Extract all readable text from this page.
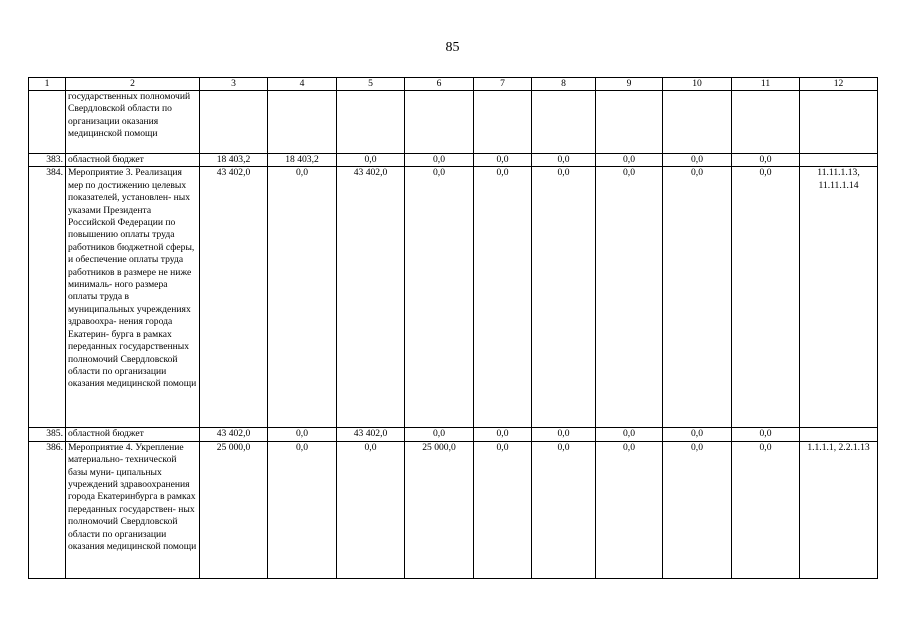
85
1	2	3	4	5	6	7	8	9	10	11	12
	государственных полномочий Свердловской области по организации оказания медицинской помощи										
383.	областной бюджет	18 403,2	18 403,2	0,0	0,0	0,0	0,0	0,0	0,0	0,0	
384.	Мероприятие 3. Реализация мер по достижению целевых показателей, установлен- ных указами Президента Российской Федерации по повышению оплаты труда работников бюджетной сферы, и обеспечение оплаты труда работников в размере не ниже минималь- ного размера оплаты труда в муниципальных учреждениях здравоохра- нения города Екатерин- бурга в рамках переданных государственных полномочий Свердловской области по организации оказания медицинской помощи	43 402,0	0,0	43 402,0	0,0	0,0	0,0	0,0	0,0	0,0	11.11.1.13, 11.11.1.14
385.	областной бюджет	43 402,0	0,0	43 402,0	0,0	0,0	0,0	0,0	0,0	0,0	
386.	Мероприятие 4. Укрепление материально- технической базы муни- ципальных учреждений здравоохранения города Екатеринбурга в рамках переданных государствен- ных полномочий Свердловской области по организации оказания медицинской помощи	25 000,0	0,0	0,0	25 000,0	0,0	0,0	0,0	0,0	0,0	1.1.1.1, 2.2.1.13
